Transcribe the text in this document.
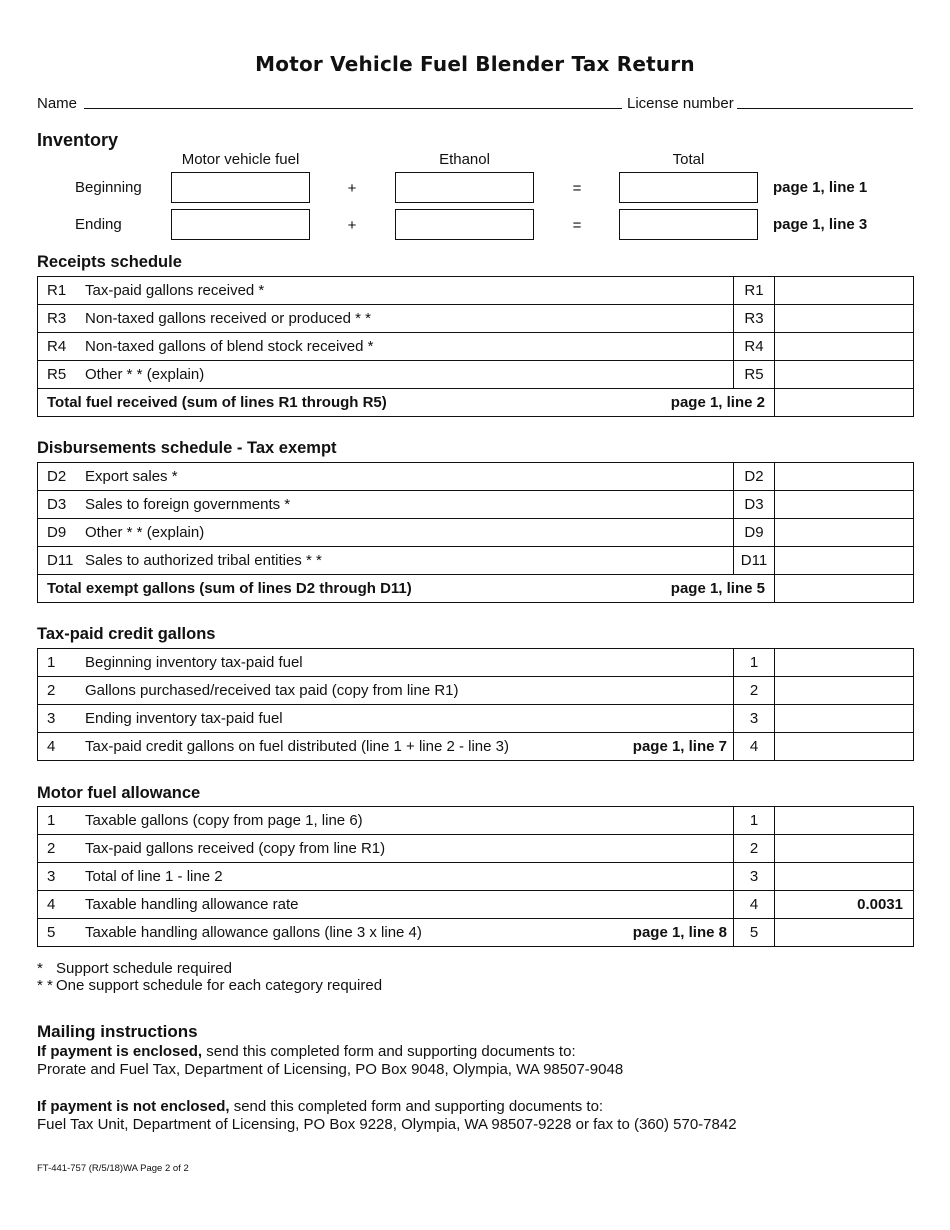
Motor Vehicle Fuel Blender Tax Return
Name	License number
Inventory
Motor vehicle fuel	Ethanol	Total
Beginning	+	=	page 1, line 1
Ending	+	=	page 1, line 3
Receipts schedule
R1 Tax-paid gallons received *	R1	
R3 Non-taxed gallons received or produced * *	R3	
R4 Non-taxed gallons of blend stock received *	R4	
R5 Other * * (explain)	R5	
Total fuel received (sum of lines R1 through R5) page 1, line 2		

Disbursements schedule - Tax exempt
D2 Export sales *	D2	
D3 Sales to foreign governments *	D3	
D9 Other * * (explain)	D9	
D11 Sales to authorized tribal entities * *	D11	
Total exempt gallons (sum of lines D2 through D11) page 1, line 5		

Tax-paid credit gallons
1 Beginning inventory tax-paid fuel	1	
2 Gallons purchased/received tax paid (copy from line R1)	2	
3 Ending inventory tax-paid fuel	3	
4 Tax-paid credit gallons on fuel distributed (line 1 + line 2 - line 3) page 1, line 7	4	
Motor fuel allowance
1 Taxable gallons (copy from page 1, line 6)	1	
2 Tax-paid gallons received (copy from line R1)	2	
3 Total of line 1 - line 2	3	
4 Taxable handling allowance rate	4	0.0031
5 Taxable handling allowance gallons (line 3 x line 4) page 1, line 8	5	
* Support schedule required
* * One support schedule for each category required
Mailing instructions
If payment is enclosed, send this completed form and supporting documents to:
Prorate and Fuel Tax, Department of Licensing, PO Box 9048, Olympia, WA 98507-9048
If payment is not enclosed, send this completed form and supporting documents to:
Fuel Tax Unit, Department of Licensing, PO Box 9228, Olympia, WA 98507-9228 or fax to (360) 570-7842
FT-441-757 (R/5/18)WA Page 2 of 2
